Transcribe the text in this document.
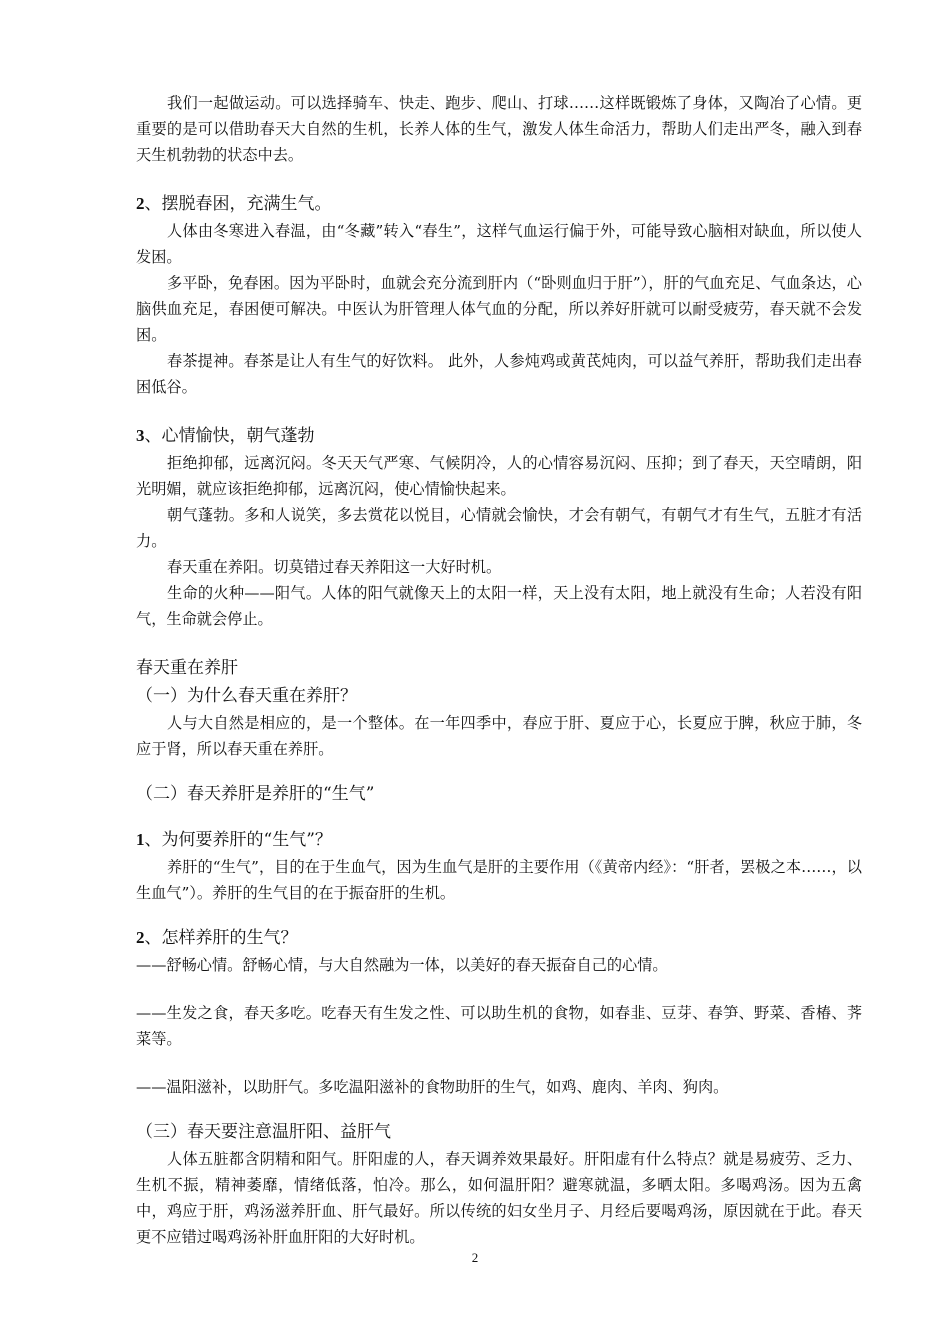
我们一起做运动。可以选择骑车、快走、跑步、爬山、打球……这样既锻炼了身体，又陶冶了心情。更重要的是可以借助春天大自然的生机，长养人体的生气，激发人体生命活力，帮助人们走出严冬，融入到春天生机勃勃的状态中去。

2、摆脱春困，充满生气。

人体由冬寒进入春温，由“冬藏”转入“春生”，这样气血运行偏于外，可能导致心脑相对缺血，所以使人发困。

多平卧，免春困。因为平卧时，血就会充分流到肝内（“卧则血归于肝”），肝的气血充足、气血条达，心脑供血充足，春困便可解决。中医认为肝管理人体气血的分配，所以养好肝就可以耐受疲劳，春天就不会发困。

春茶提神。春茶是让人有生气的好饮料。 此外，人参炖鸡或黄芪炖肉，可以益气养肝，帮助我们走出春困低谷。

3、心情愉快，朝气蓬勃

拒绝抑郁，远离沉闷。冬天天气严寒、气候阴冷，人的心情容易沉闷、压抑；到了春天，天空晴朗，阳光明媚，就应该拒绝抑郁，远离沉闷，使心情愉快起来。

朝气蓬勃。多和人说笑，多去赏花以悦目，心情就会愉快，才会有朝气，有朝气才有生气，五脏才有活力。

春天重在养阳。切莫错过春天养阳这一大好时机。

生命的火种——阳气。人体的阳气就像天上的太阳一样，天上没有太阳，地上就没有生命；人若没有阳气，生命就会停止。

春天重在养肝

（一）为什么春天重在养肝？

人与大自然是相应的，是一个整体。在一年四季中，春应于肝、夏应于心，长夏应于脾，秋应于肺，冬应于肾，所以春天重在养肝。

（二）春天养肝是养肝的“生气”

1、为何要养肝的“生气”？

养肝的“生气”，目的在于生血气，因为生血气是肝的主要作用（《黄帝内经》：“肝者，罢极之本……，以生血气”）。养肝的生气目的在于振奋肝的生机。

2、怎样养肝的生气？

——舒畅心情。舒畅心情，与大自然融为一体，以美好的春天振奋自己的心情。

——生发之食，春天多吃。吃春天有生发之性、可以助生机的食物，如春韭、豆芽、春笋、野菜、香椿、荠菜等。

——温阳滋补，以助肝气。多吃温阳滋补的食物助肝的生气，如鸡、鹿肉、羊肉、狗肉。

（三）春天要注意温肝阳、益肝气

人体五脏都含阴精和阳气。肝阳虚的人，春天调养效果最好。肝阳虚有什么特点？就是易疲劳、乏力、生机不振，精神萎靡，情绪低落，怕冷。那么，如何温肝阳？避寒就温，多晒太阳。多喝鸡汤。因为五禽中，鸡应于肝，鸡汤滋养肝血、肝气最好。所以传统的妇女坐月子、月经后要喝鸡汤，原因就在于此。春天更不应错过喝鸡汤补肝血肝阳的大好时机。

2
